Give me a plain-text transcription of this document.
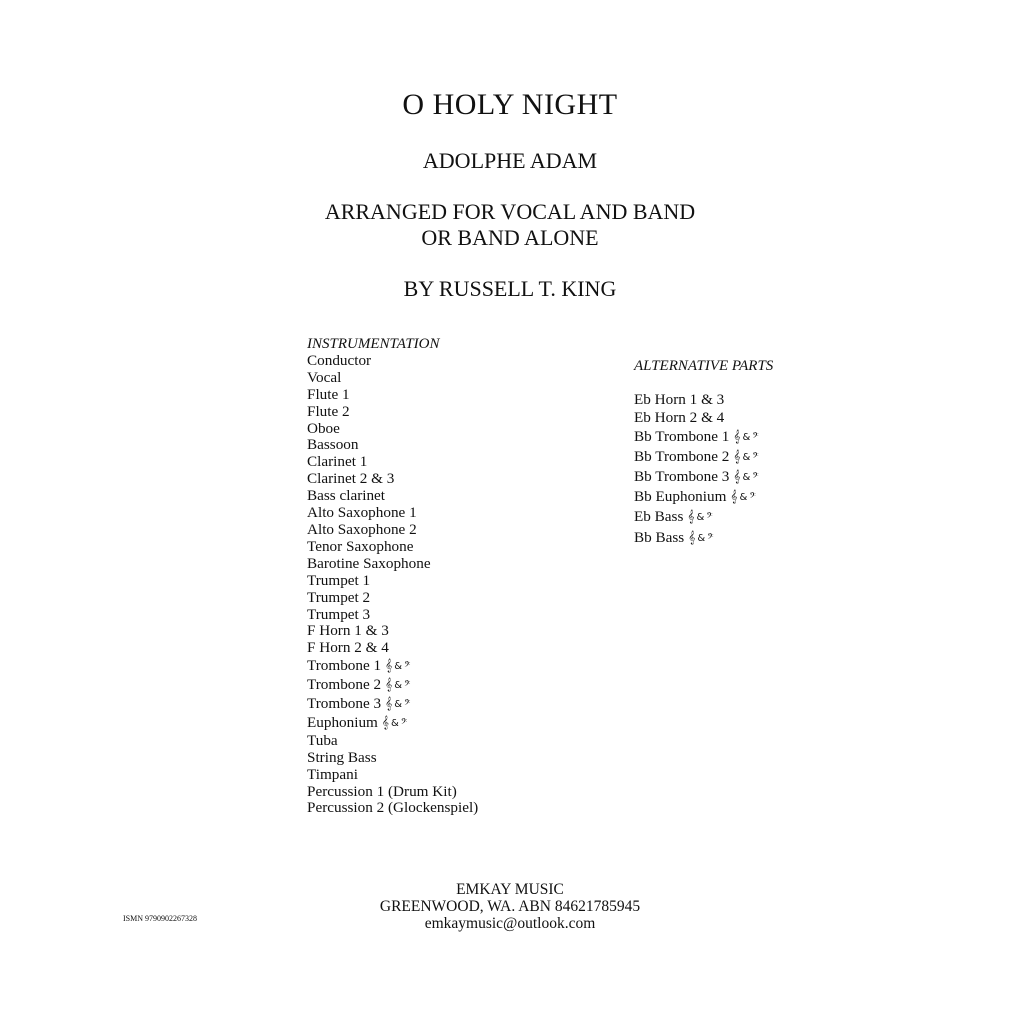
O HOLY NIGHT
ADOLPHE ADAM
ARRANGED FOR VOCAL AND BAND
OR BAND ALONE
BY RUSSELL T. KING
INSTRUMENTATION
Conductor
Vocal
Flute 1
Flute 2
Oboe
Bassoon
Clarinet 1
Clarinet 2 & 3
Bass clarinet
Alto Saxophone 1
Alto Saxophone 2
Tenor Saxophone
Barotine Saxophone
Trumpet 1
Trumpet 2
Trumpet 3
F Horn 1 & 3
F Horn 2 & 4
Trombone 1 𝄞 & 𝄢
Trombone 2 𝄞 & 𝄢
Trombone 3 𝄞 & 𝄢
Euphonium 𝄞 & 𝄢
Tuba
String Bass
Timpani
Percussion 1 (Drum Kit)
Percussion 2 (Glockenspiel)
ALTERNATIVE PARTS
Eb Horn 1 & 3
Eb Horn 2 & 4
Bb Trombone 1 𝄞 & 𝄢
Bb Trombone 2 𝄞 & 𝄢
Bb Trombone 3 𝄞 & 𝄢
Bb Euphonium 𝄞 & 𝄢
Eb Bass 𝄞 & 𝄢
Bb Bass 𝄞 & 𝄢
EMKAY MUSIC
GREENWOOD, WA. ABN 84621785945
emkaymusic@outlook.com
ISMN 9790902267328
